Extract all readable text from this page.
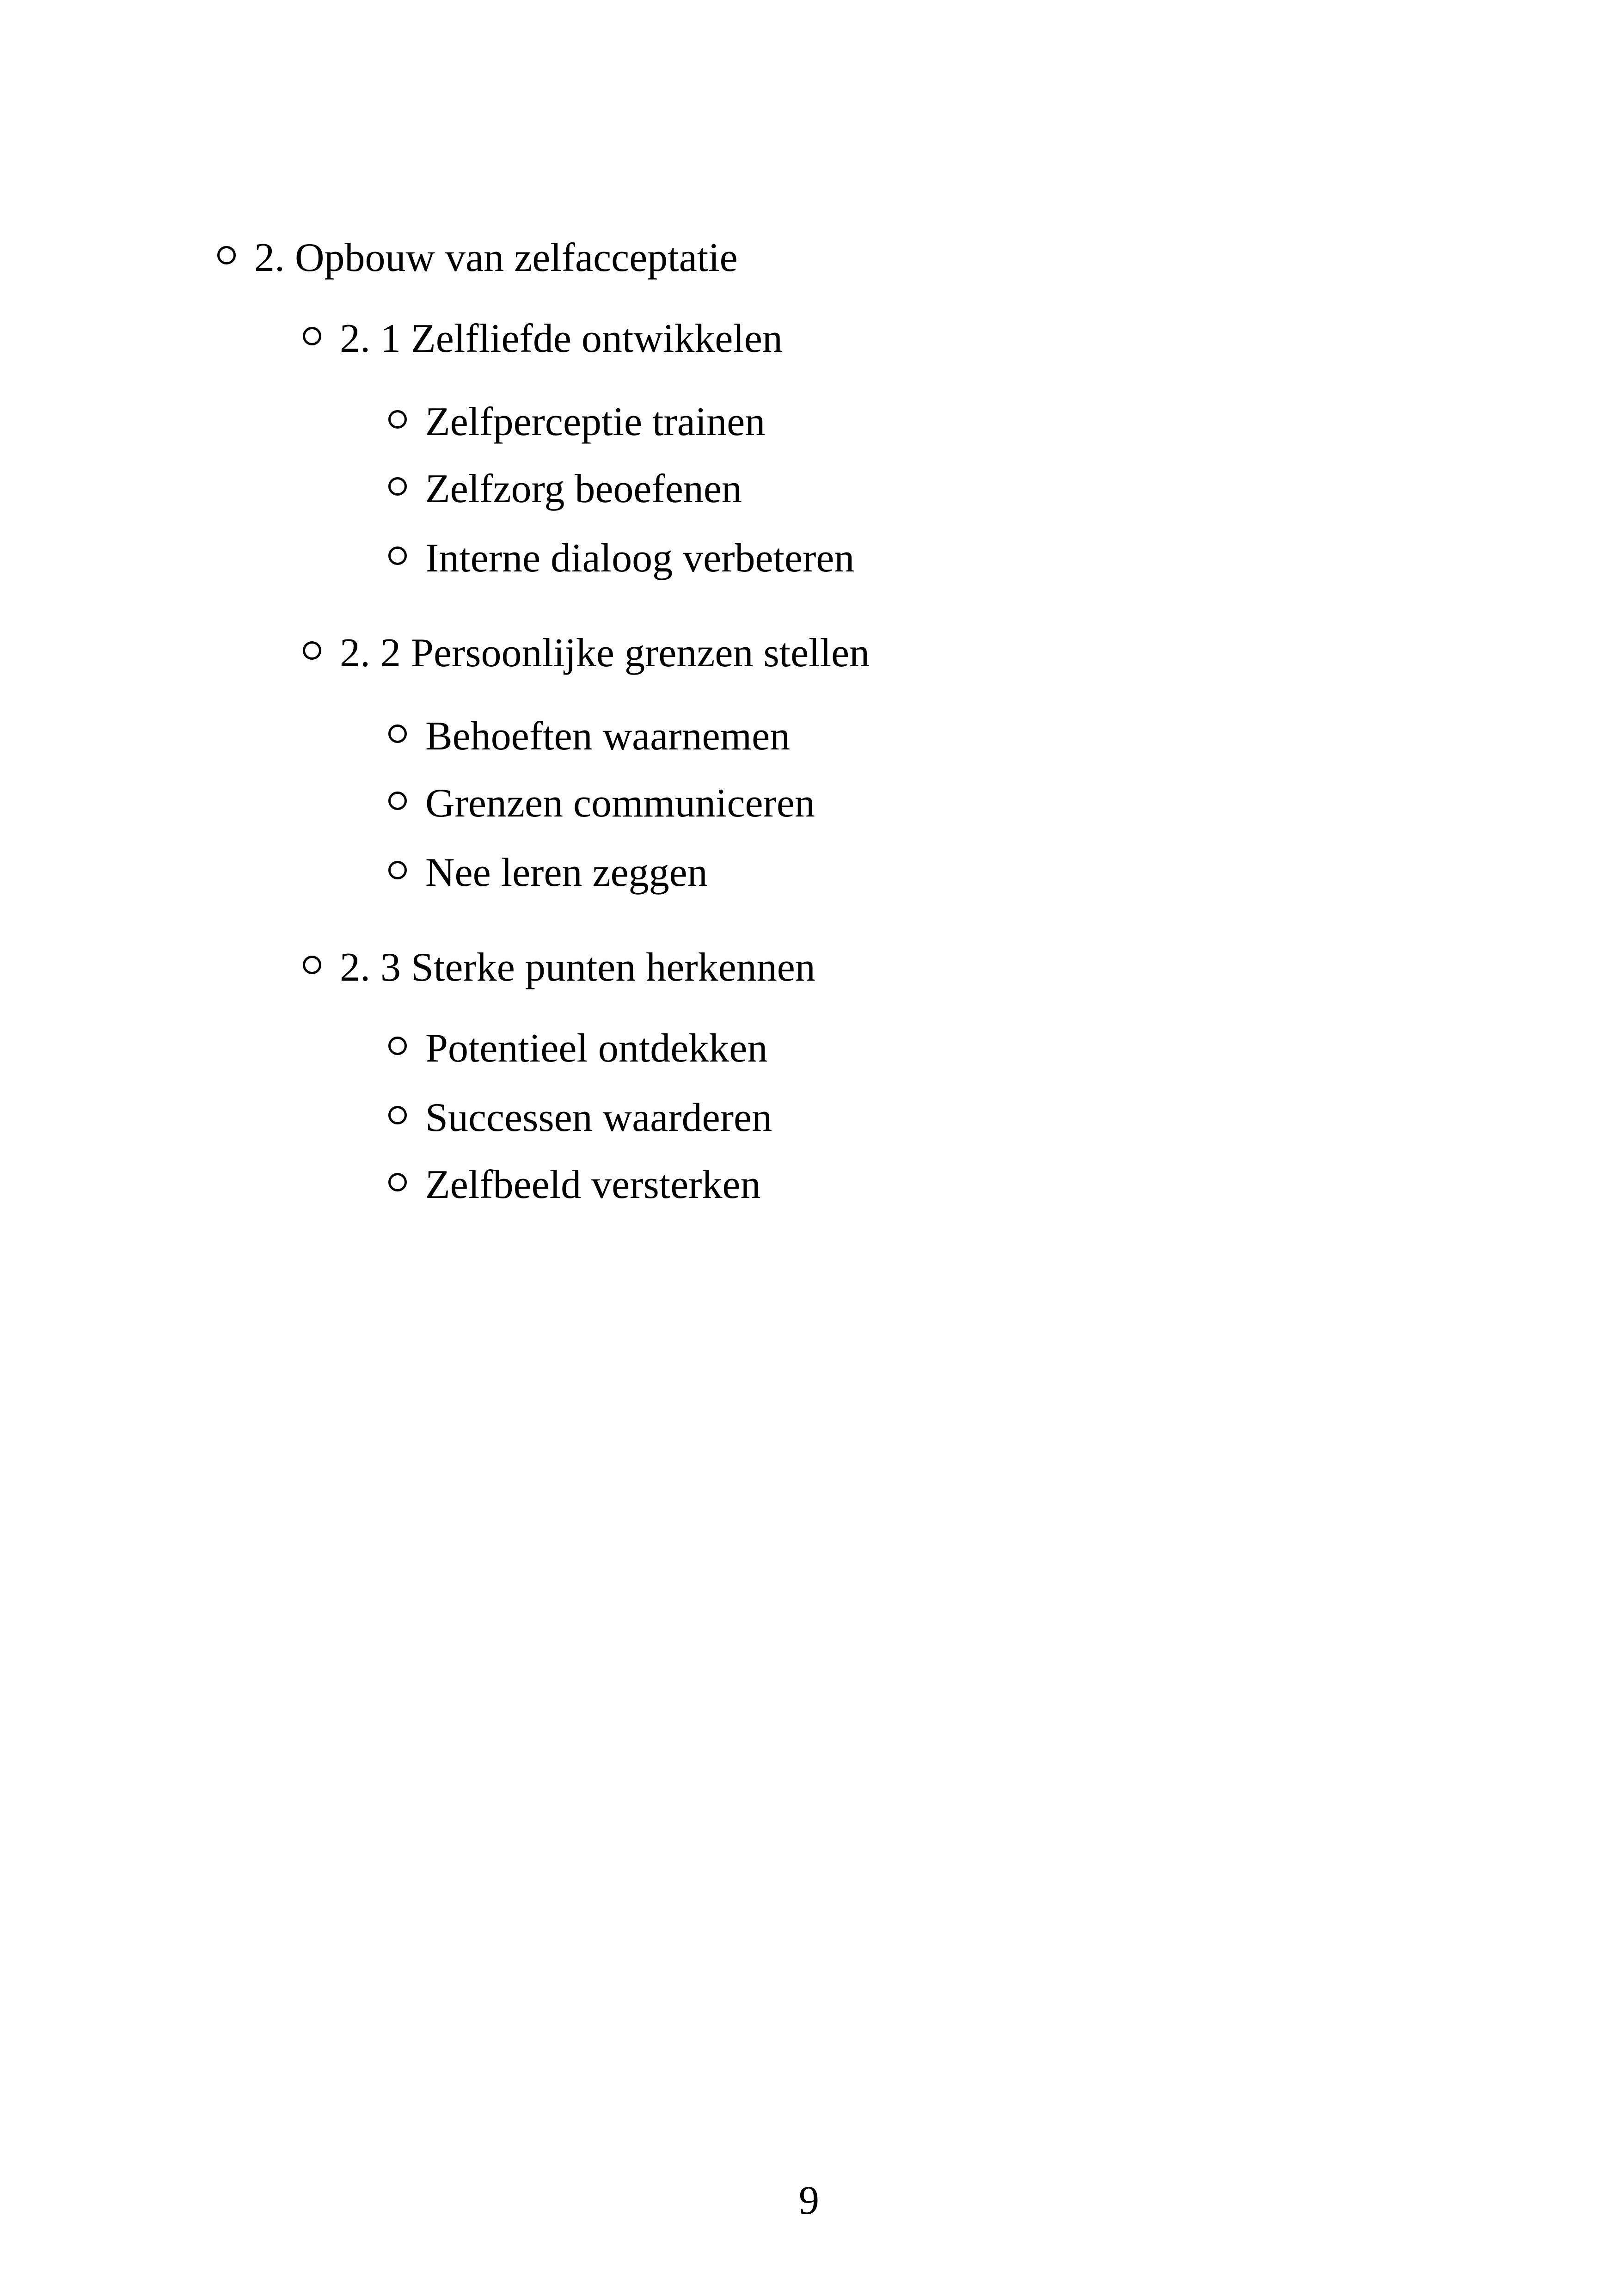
2. Opbouw van zelfacceptatie
2. 1 Zelfliefde ontwikkelen
Zelfperceptie trainen
Zelfzorg beoefenen
Interne dialoog verbeteren
2. 2 Persoonlijke grenzen stellen
Behoeften waarnemen
Grenzen communiceren
Nee leren zeggen
2. 3 Sterke punten herkennen
Potentieel ontdekken
Successen waarderen
Zelfbeeld versterken
9
